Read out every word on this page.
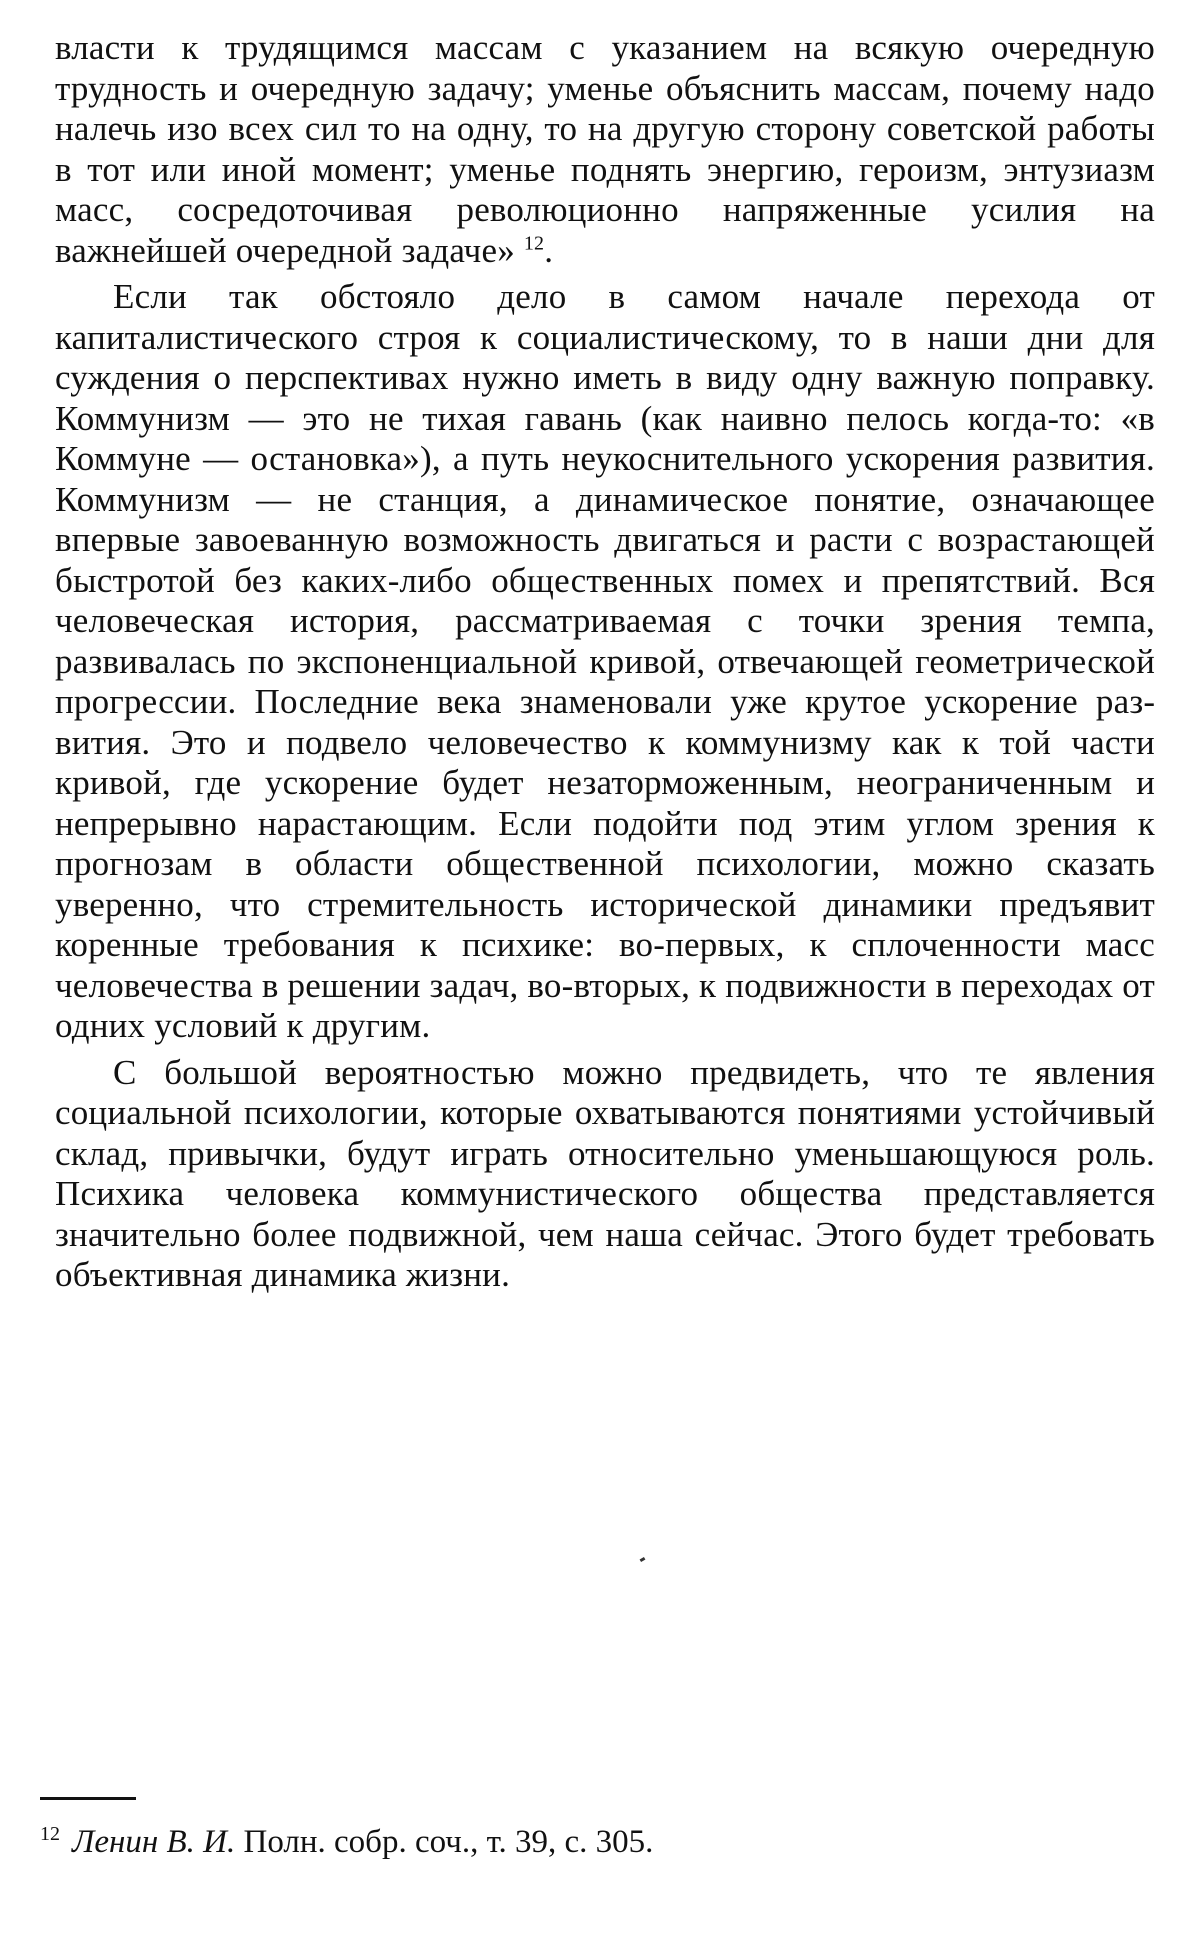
власти к трудящимся массам с указанием на всякую очередную трудность и очередную задачу; уменье объяснить массам, почему надо налечь изо всех сил то на одну, то на другую сторону советской работы в тот или иной момент; уменье поднять энергию, героизм, энтузиазм масс, сосредоточивая революционно напряженные усилия на важнейшей очередной задаче» $^{12}$.

Если так обстояло дело в самом начале перехода от капиталистического строя к социалистическому, то в наши дни для суждения о перспективах нужно иметь в виду одну важную поправку. Коммунизм — это не тихая гавань (как наивно пелось когда-то: «в Коммуне — остановка»), а путь неукоснительного ускорения развития. Коммунизм — не станция, а динамическое понятие, означающее впервые завоеванную возможность двигаться и расти с возрастающей быстротой без каких-либо общественных помех и препятствий. Вся человеческая история, рассматриваемая с точки зрения темпа, развивалась по экспоненциальной кривой, отвечающей геометрической прогрессии. Последние века знаменовали уже крутое ускорение развития. Это и подвело человечество к коммунизму как к той части кривой, где ускорение будет незаторможенным, неограниченным и непрерывно нарастающим. Если подойти под этим углом зрения к прогнозам в области общественной психологии, можно сказать уверенно, что стремительность исторической динамики предъявит коренные требования к психике: во-первых, к сплоченности масс человечества в решении задач, во-вторых, к подвижности в переходах от одних условий к другим.

С большой вероятностью можно предвидеть, что те явления социальной психологии, которые охватываются понятиями устойчивый склад, привычки, будут играть относительно уменьшающуюся роль. Психика человека коммунистического общества представляется значительно более подвижной, чем наша сейчас. Этого будет требовать объективная динамика жизни.

$^{12}$ Ленин В. И. Полн. собр. соч., т. 39, с. 305.
